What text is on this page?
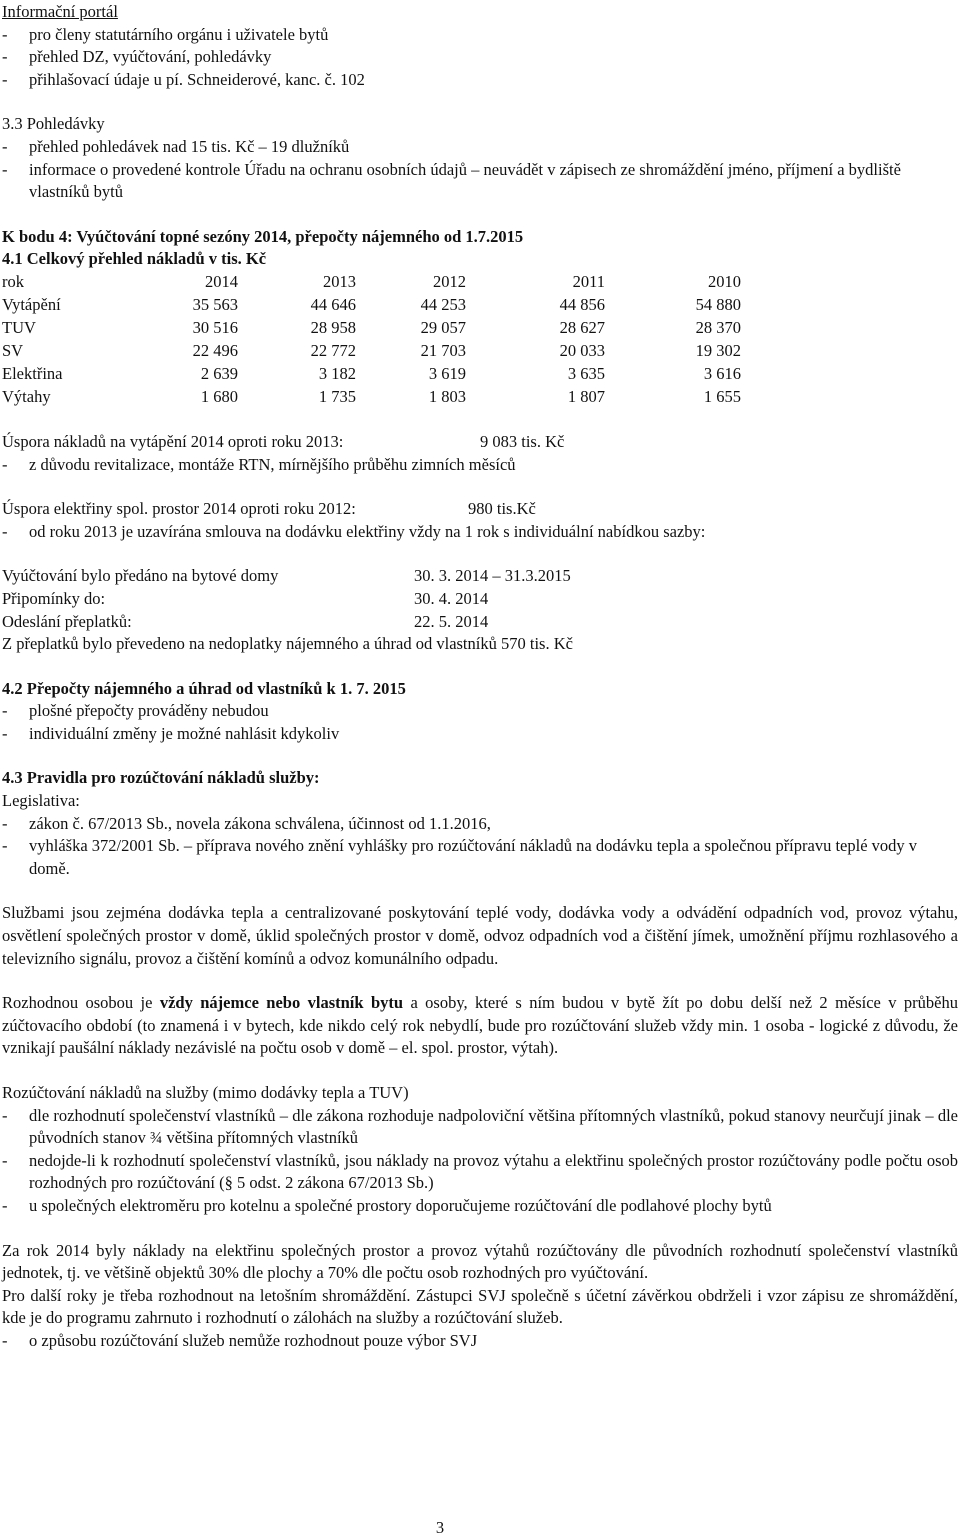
Informační portál

-	pro členy statutárního orgánu i uživatele bytů
-	přehled DZ, vyúčtování, pohledávky
-	přihlašovací údaje u pí. Schneiderové, kanc. č. 102

3.3 Pohledávky

-	přehled pohledávek nad 15 tis. Kč – 19 dlužníků
-	informace o provedené kontrole Úřadu na ochranu osobních údajů – neuvádět v zápisech ze shromáždění jméno, příjmení a bydliště vlastníků bytů

K bodu 4: Vyúčtování topné sezóny 2014, přepočty nájemného od 1.7.2015

4.1 Celkový přehled nákladů v tis. Kč

rok	2014	2013	2012	2011	2010
Vytápění	35 563	44 646	44 253	44 856	54 880
TUV	30 516	28 958	29 057	28 627	28 370
SV	22 496	22 772	21 703	20 033	19 302
Elektřina	2 639	3 182	3 619	3 635	3 616
Výtahy	1 680	1 735	1 803	1 807	1 655

Úspora nákladů na vytápění 2014 oproti roku 2013:	9 083 tis. Kč

-	z důvodu revitalizace, montáže RTN, mírnějšího průběhu zimních měsíců

Úspora elektřiny spol. prostor 2014 oproti roku 2012:	980 tis.Kč

-	od roku 2013 je uzavírána smlouva na dodávku elektřiny vždy na 1 rok s individuální nabídkou sazby:
Vyúčtování bylo předáno na bytové domy	30. 3. 2014 – 31.3.2015
Připomínky do:	30. 4. 2014
Odeslání přeplatků:	22. 5. 2014

Z přeplatků bylo převedeno na nedoplatky nájemného a úhrad od vlastníků 570 tis. Kč

4.2 Přepočty nájemného a úhrad od vlastníků k 1. 7. 2015

-	plošné přepočty prováděny nebudou
-	individuální změny je možné nahlásit kdykoliv

4.3 Pravidla pro rozúčtování nákladů služby:

Legislativa:

-	zákon č. 67/2013 Sb., novela zákona schválena, účinnost od 1.1.2016,
-	vyhláška 372/2001 Sb. – příprava nového znění vyhlášky pro rozúčtování nákladů na dodávku tepla a společnou přípravu teplé vody v domě.

Službami jsou zejména dodávka tepla a centralizované poskytování teplé vody, dodávka vody a odvádění odpadních vod, provoz výtahu, osvětlení společných prostor v domě, úklid společných prostor v domě, odvoz odpadních vod a čištění jímek, umožnění příjmu rozhlasového a televizního signálu, provoz a čištění komínů a odvoz komunálního odpadu.

Rozhodnou osobou je vždy nájemce nebo vlastník bytu a osoby, které s ním budou v bytě žít po dobu delší než 2 měsíce v průběhu zúčtovacího období (to znamená i v bytech, kde nikdo celý rok nebydlí, bude pro rozúčtování služeb vždy min. 1 osoba - logické z důvodu, že vznikají paušální náklady nezávislé na počtu osob v domě – el. spol. prostor, výtah).

Rozúčtování nákladů na služby (mimo dodávky tepla a TUV)

-	dle rozhodnutí společenství vlastníků – dle zákona rozhoduje nadpoloviční většina přítomných vlastníků, pokud stanovy neurčují jinak – dle původních stanov ¾ většina přítomných vlastníků
-	nedojde-li k rozhodnutí společenství vlastníků, jsou náklady na provoz výtahu a elektřinu společných prostor rozúčtovány podle počtu osob rozhodných pro rozúčtování (§ 5 odst. 2 zákona 67/2013 Sb.)
-	u společných elektroměru pro kotelnu a společné prostory doporučujeme rozúčtování dle podlahové plochy bytů

Za rok 2014 byly náklady na elektřinu společných prostor a provoz výtahů rozúčtovány dle původních rozhodnutí společenství vlastníků jednotek, tj. ve většině objektů 30% dle plochy a 70% dle počtu osob rozhodných pro vyúčtování.

Pro další roky je třeba rozhodnout na letošním shromáždění. Zástupci SVJ společně s účetní závěrkou obdrželi i vzor zápisu ze shromáždění, kde je do programu zahrnuto i rozhodnutí o zálohách na služby a rozúčtování služeb.

-	o způsobu rozúčtování služeb nemůže rozhodnout pouze výbor SVJ
3
